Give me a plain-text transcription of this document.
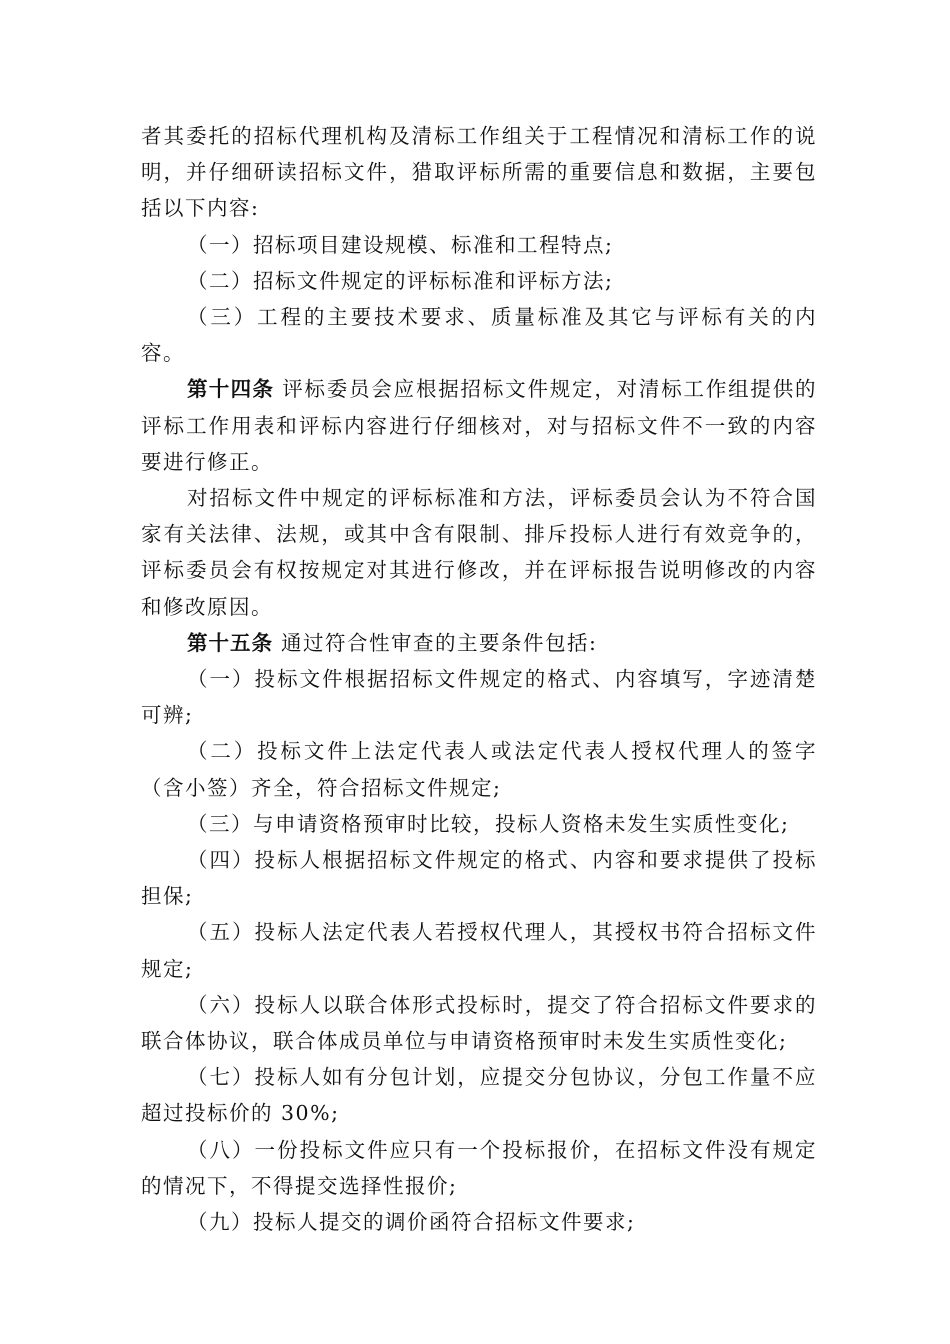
者其委托的招标代理机构及清标工作组关于工程情况和清标工作的说明，并仔细研读招标文件，猎取评标所需的重要信息和数据，主要包括以下内容:

（一）招标项目建设规模、标准和工程特点;

（二）招标文件规定的评标标准和评标方法;

（三）工程的主要技术要求、质量标准及其它与评标有关的内容。

第十四条 评标委员会应根据招标文件规定，对清标工作组提供的评标工作用表和评标内容进行仔细核对，对与招标文件不一致的内容要进行修正。

对招标文件中规定的评标标准和方法，评标委员会认为不符合国家有关法律、法规，或其中含有限制、排斥投标人进行有效竞争的，评标委员会有权按规定对其进行修改，并在评标报告说明修改的内容和修改原因。

第十五条 通过符合性审查的主要条件包括:

（一）投标文件根据招标文件规定的格式、内容填写，字迹清楚可辨;

（二）投标文件上法定代表人或法定代表人授权代理人的签字（含小签）齐全，符合招标文件规定;

（三）与申请资格预审时比较，投标人资格未发生实质性变化;

（四）投标人根据招标文件规定的格式、内容和要求提供了投标担保;

（五）投标人法定代表人若授权代理人，其授权书符合招标文件规定;

（六）投标人以联合体形式投标时，提交了符合招标文件要求的联合体协议，联合体成员单位与申请资格预审时未发生实质性变化;

（七）投标人如有分包计划，应提交分包协议，分包工作量不应超过投标价的 30%;

（八）一份投标文件应只有一个投标报价，在招标文件没有规定的情况下，不得提交选择性报价;

（九）投标人提交的调价函符合招标文件要求;
